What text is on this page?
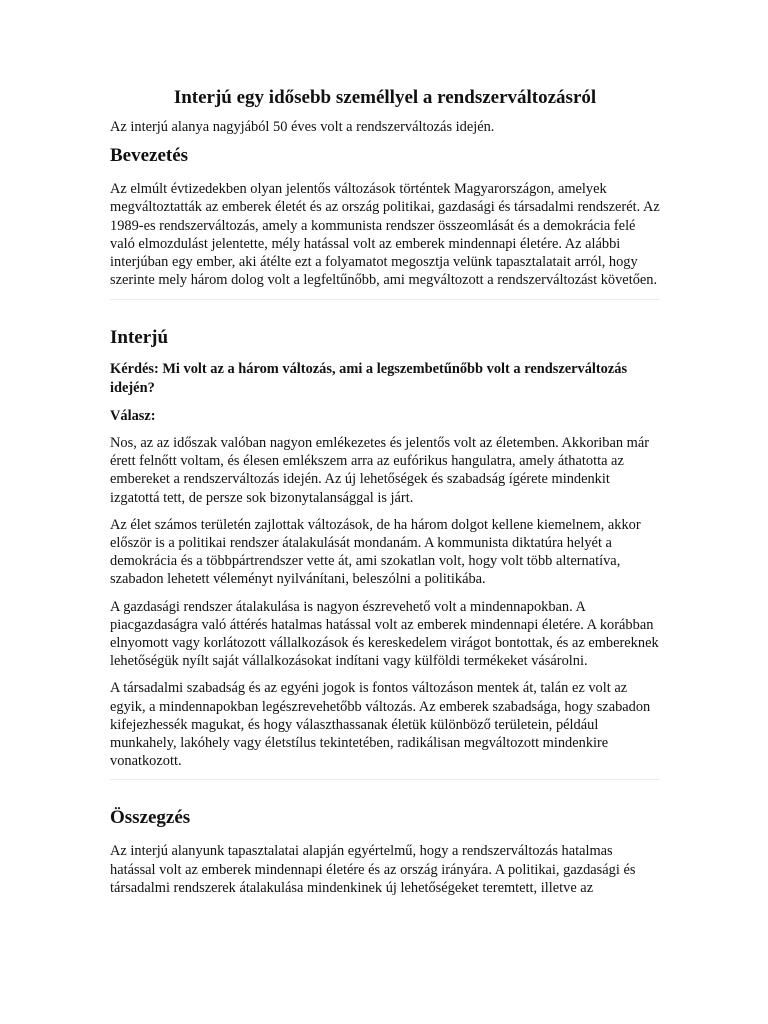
Interjú egy idősebb személlyel a rendszerváltozásról

Az interjú alanya nagyjából 50 éves volt a rendszerváltozás idején.

Bevezetés

Az elmúlt évtizedekben olyan jelentős változások történtek Magyarországon, amelyek megváltoztatták az emberek életét és az ország politikai, gazdasági és társadalmi rendszerét. Az 1989-es rendszerváltozás, amely a kommunista rendszer összeomlását és a demokrácia felé való elmozdulást jelentette, mély hatással volt az emberek mindennapi életére. Az alábbi interjúban egy ember, aki átélte ezt a folyamatot megosztja velünk tapasztalatait arról, hogy szerinte mely három dolog volt a legfeltűnőbb, ami megváltozott a rendszerváltozást követően.

Interjú

Kérdés: Mi volt az a három változás, ami a legszembetűnőbb volt a rendszerváltozás idején?

Válasz:

Nos, az az időszak valóban nagyon emlékezetes és jelentős volt az életemben. Akkoriban már érett felnőtt voltam, és élesen emlékszem arra az eufórikus hangulatra, amely áthatotta az embereket a rendszerváltozás idején. Az új lehetőségek és szabadság ígérete mindenkit izgatottá tett, de persze sok bizonytalansággal is járt.

Az élet számos területén zajlottak változások, de ha három dolgot kellene kiemelnem, akkor először is a politikai rendszer átalakulását mondanám. A kommunista diktatúra helyét a demokrácia és a többpártrendszer vette át, ami szokatlan volt, hogy volt több alternatíva, szabadon lehetett véleményt nyilvánítani, beleszólni a politikába.

A gazdasági rendszer átalakulása is nagyon észrevehető volt a mindennapokban. A piacgazdaságra való áttérés hatalmas hatással volt az emberek mindennapi életére. A korábban elnyomott vagy korlátozott vállalkozások és kereskedelem virágot bontottak, és az embereknek lehetőségük nyílt saját vállalkozásokat indítani vagy külföldi termékeket vásárolni.

A társadalmi szabadság és az egyéni jogok is fontos változáson mentek át, talán ez volt az egyik, a mindennapokban legészrevehetőbb változás. Az emberek szabadsága, hogy szabadon kifejezhessék magukat, és hogy választhassanak életük különböző területein, például munkahely, lakóhely vagy életstílus tekintetében, radikálisan megváltozott mindenkire vonatkozott.

Összegzés

Az interjú alanyunk tapasztalatai alapján egyértelmű, hogy a rendszerváltozás hatalmas hatással volt az emberek mindennapi életére és az ország irányára. A politikai, gazdasági és társadalmi rendszerek átalakulása mindenkinek új lehetőségeket teremtett, illetve az
